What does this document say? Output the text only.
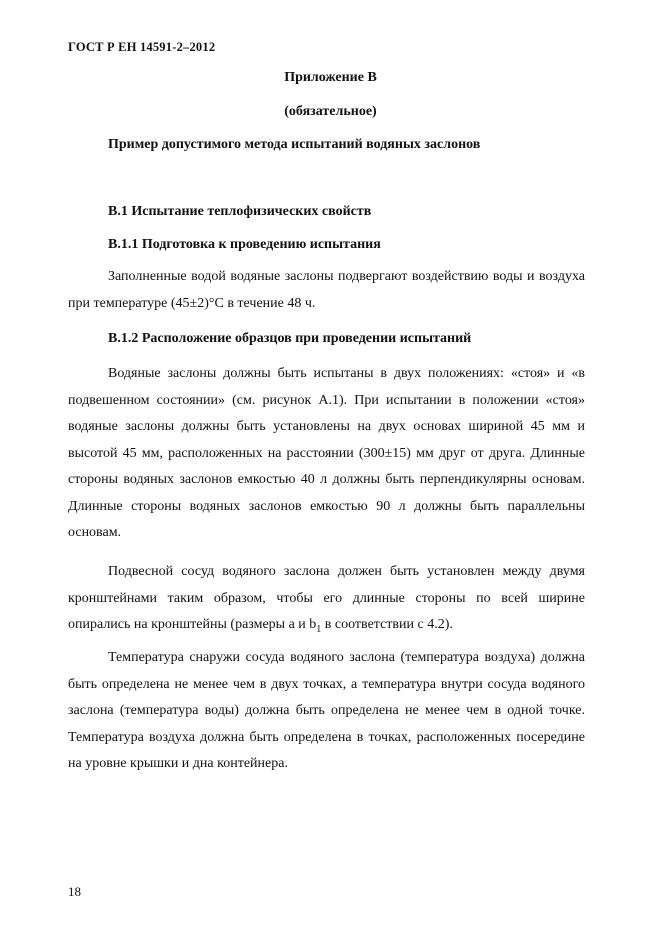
ГОСТ Р ЕН 14591-2–2012
Приложение В
(обязательное)
Пример допустимого метода испытаний водяных заслонов
В.1 Испытание теплофизических свойств
В.1.1 Подготовка к проведению испытания
Заполненные водой водяные заслоны подвергают воздействию воды и воздуха при температуре (45±2)°С в течение 48 ч.
В.1.2 Расположение образцов при проведении испытаний
Водяные заслоны должны быть испытаны в двух положениях: «стоя» и «в подвешенном состоянии» (см. рисунок А.1). При испытании в положении «стоя» водяные заслоны должны быть установлены на двух основах шириной 45 мм и высотой 45 мм, расположенных на расстоянии (300±15) мм друг от друга. Длинные стороны водяных заслонов емкостью 40 л должны быть перпендикулярны основам. Длинные стороны водяных заслонов емкостью 90 л должны быть параллельны основам.
Подвесной сосуд водяного заслона должен быть установлен между двумя кронштейнами таким образом, чтобы его длинные стороны по всей ширине опирались на кронштейны (размеры a и $b_1$ в соответствии с 4.2).
Температура снаружи сосуда водяного заслона (температура воздуха) должна быть определена не менее чем в двух точках, а температура внутри сосуда водяного заслона (температура воды) должна быть определена не менее чем в одной точке. Температура воздуха должна быть определена в точках, расположенных посередине на уровне крышки и дна контейнера.
18
